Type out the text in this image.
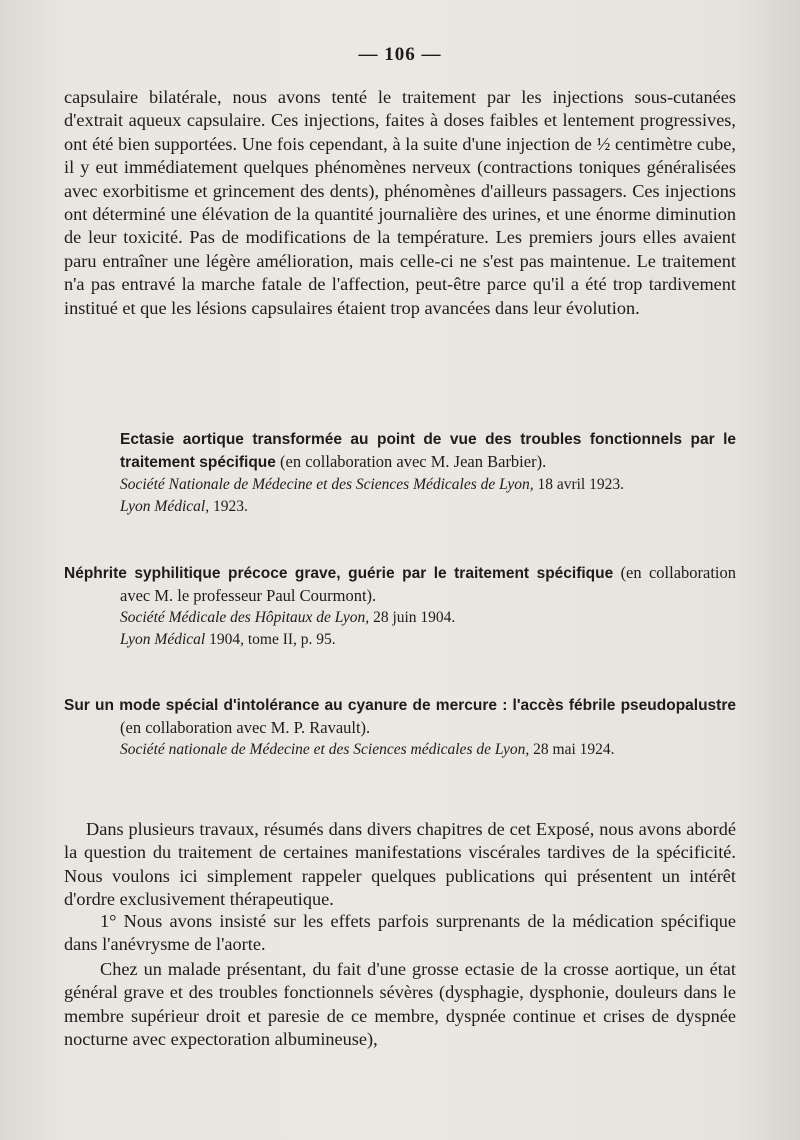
— 106 —
capsulaire bilatérale, nous avons tenté le traitement par les injections sous-cutanées d'extrait aqueux capsulaire. Ces injections, faites à doses faibles et lentement progressives, ont été bien supportées. Une fois cependant, à la suite d'une injection de ½ centimètre cube, il y eut immédiatement quelques phénomènes nerveux (contractions toniques généralisées avec exorbitisme et grincement des dents), phénomènes d'ailleurs passagers. Ces injections ont déterminé une élévation de la quantité journalière des urines, et une énorme diminution de leur toxicité. Pas de modifications de la température. Les premiers jours elles avaient paru entraîner une légère amélioration, mais celle-ci ne s'est pas maintenue. Le traitement n'a pas entravé la marche fatale de l'affection, peut-être parce qu'il a été trop tardivement institué et que les lésions capsulaires étaient trop avancées dans leur évolution.
Ectasie aortique transformée au point de vue des troubles fonctionnels par le traitement spécifique (en collaboration avec M. Jean Barbier).
Société Nationale de Médecine et des Sciences Médicales de Lyon, 18 avril 1923.
Lyon Médical, 1923.
Néphrite syphilitique précoce grave, guérie par le traitement spécifique (en collaboration avec M. le professeur Paul Courmont).
Société Médicale des Hôpitaux de Lyon, 28 juin 1904.
Lyon Médical 1904, tome II, p. 95.
Sur un mode spécial d'intolérance au cyanure de mercure : l'accès fébrile pseudopalustre (en collaboration avec M. P. Ravault).
Société nationale de Médecine et des Sciences médicales de Lyon, 28 mai 1924.
Dans plusieurs travaux, résumés dans divers chapitres de cet Exposé, nous avons abordé la question du traitement de certaines manifestations viscérales tardives de la spécificité. Nous voulons ici simplement rappeler quelques publications qui présentent un intérêt d'ordre exclusivement thérapeutique.
1° Nous avons insisté sur les effets parfois surprenants de la médication spécifique dans l'anévrysme de l'aorte.
Chez un malade présentant, du fait d'une grosse ectasie de la crosse aortique, un état général grave et des troubles fonctionnels sévères (dysphagie, dysphonie, douleurs dans le membre supérieur droit et paresie de ce membre, dyspnée continue et crises de dyspnée nocturne avec expectoration albumineuse),
